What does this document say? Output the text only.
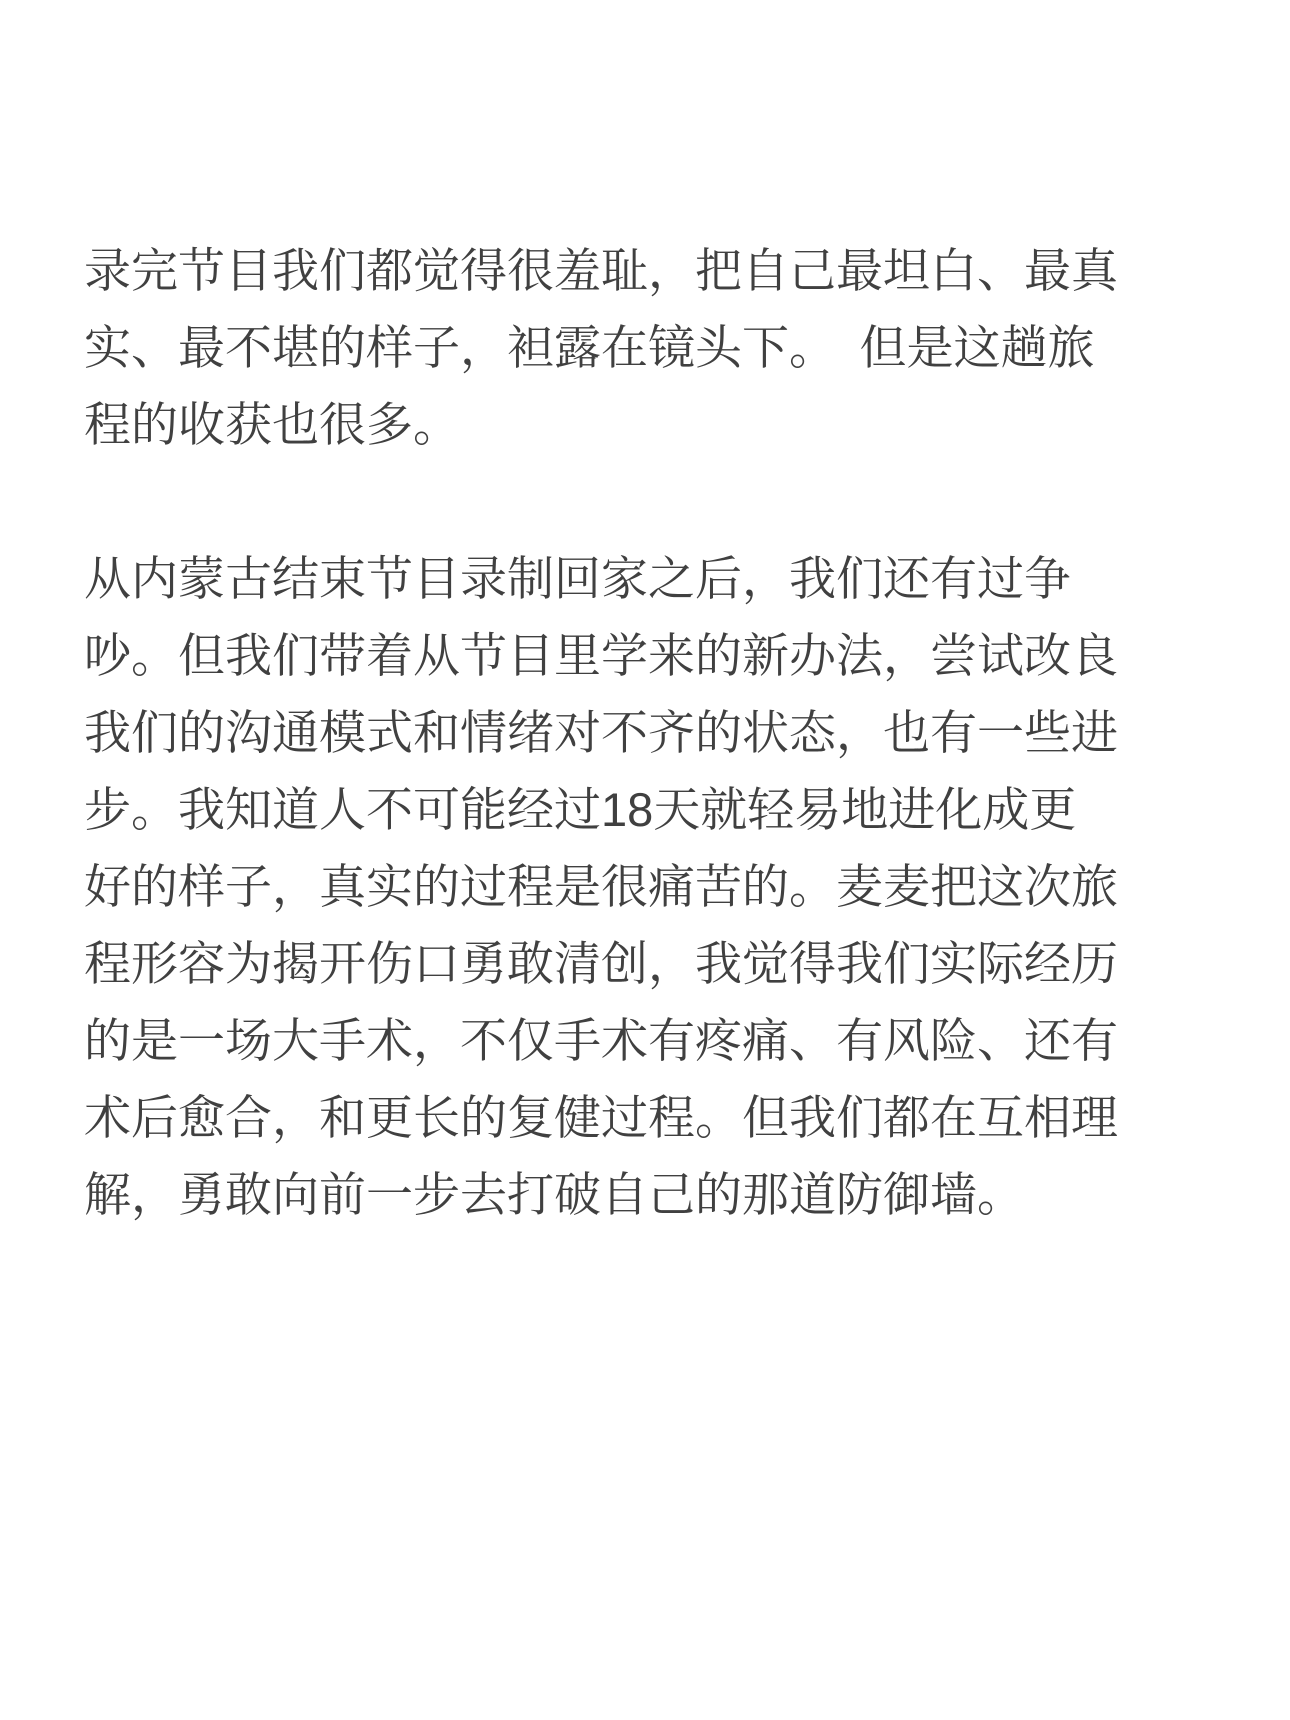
录完节目我们都觉得很羞耻，把自己最坦白、最真实、最不堪的样子，袒露在镜头下。　但是这趟旅程的收获也很多。

从内蒙古结束节目录制回家之后，我们还有过争吵。但我们带着从节目里学来的新办法，尝试改良我们的沟通模式和情绪对不齐的状态，也有一些进步。我知道人不可能经过18天就轻易地进化成更好的样子，真实的过程是很痛苦的。麦麦把这次旅程形容为揭开伤口勇敢清创，我觉得我们实际经历的是一场大手术，不仅手术有疼痛、有风险、还有术后愈合，和更长的复健过程。但我们都在互相理解，勇敢向前一步去打破自己的那道防御墙。
